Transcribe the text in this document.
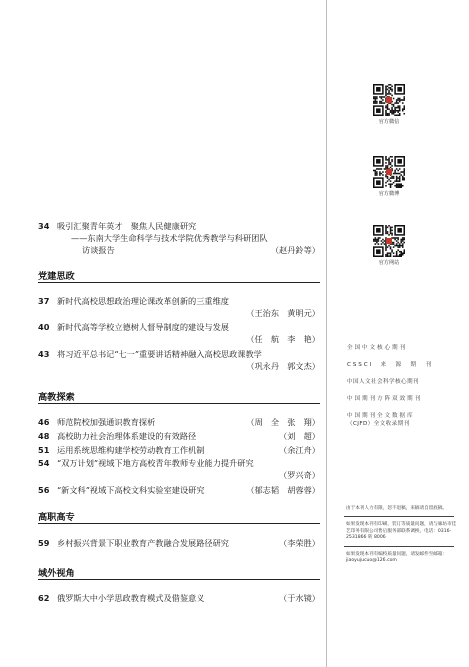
34 吸引汇聚青年英才　聚焦人民健康研究
——东南大学生命科学与技术学院优秀教学与科研团队
访谈报告	（赵丹鈴等）
党建思政
37 新时代高校思想政治理论课改革创新的三重维度
（王治东　黄明元）
40 新时代高等学校立德树人督导制度的建设与发展
（任　航　李　艳）
43 将习近平总书记“七一”重要讲话精神融入高校思政课教学
（巩永丹　郭文杰）
高教探索
46 师范院校加强通识教育探析	（周　全　张　翔）
48 高校助力社会治理体系建设的有效路径	（刘　超）
51 运用系统思维构建学校劳动教育工作机制	（余江舟）
54 “双万计划”视域下地方高校青年教师专业能力提升研究
（罗兴奇）
56 “新文科”视域下高校文科实验室建设研究	（郁志韬　胡蓉蓉）
高职高专
59 乡村振兴背景下职业教育产教融合发展路径研究	（李荣胜）
域外视角
62 俄罗斯大中小学思政教育模式及借鉴意义	（于水镜）
官方微信
官方微博
官方网站
全国中文核心期刊
CSSCI　来　源　期　刊
中国人文社会科学核心期刊
中国期刊方阵双效期刊
中国期刊全文数据库
（CJFD）全文收录期刊

由于本刊人力有限，恕不退稿，来稿请自留底稿。

如果发现本刊有印刷、装订等质量问题，请与廊坊市佳艺印务有限公司售后服务部联系调换，电话：0316-2531866 转 8006

如果发现本刊有编校质量问题，请发邮件至邮箱：jiaoyujucuo@126.com
